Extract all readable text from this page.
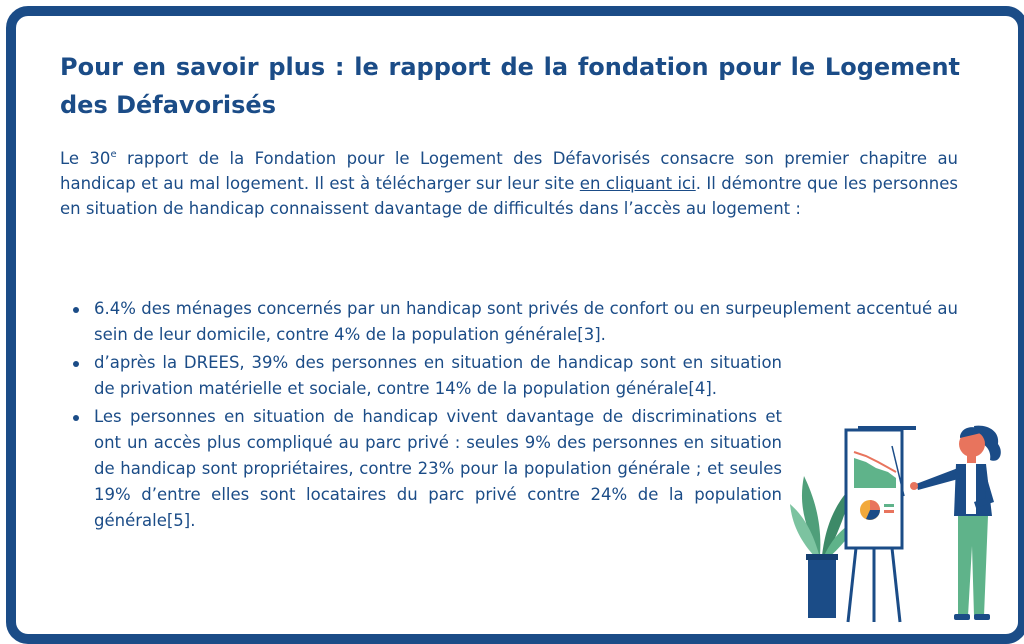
Pour en savoir plus : le rapport de la fondation pour le Logement des Défavorisés

Le 30e rapport de la Fondation pour le Logement des Défavorisés consacre son premier chapitre au handicap et au mal logement. Il est à télécharger sur leur site en cliquant ici. Il démontre que les personnes en situation de handicap connaissent davantage de difficultés dans l’accès au logement :

6.4% des ménages concernés par un handicap sont privés de confort ou en surpeuplement accentué au sein de leur domicile, contre 4% de la population générale[3].
d’après la DREES, 39% des personnes en situation de handicap sont en situation de privation matérielle et sociale, contre 14% de la population générale[4].
Les personnes en situation de handicap vivent davantage de discriminations et ont un accès plus compliqué au parc privé : seules 9% des personnes en situation de handicap sont propriétaires, contre 23% pour la population générale ; et seules 19% d’entre elles sont locataires du parc privé contre 24% de la population générale[5].
